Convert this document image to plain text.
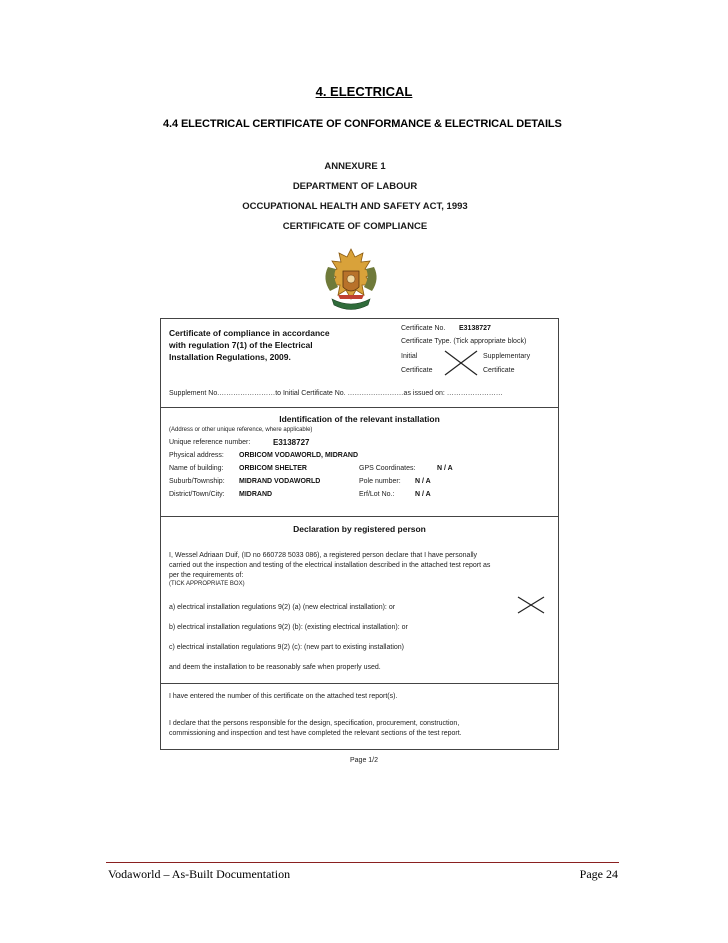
4. ELECTRICAL
4.4 ELECTRICAL CERTIFICATE OF CONFORMANCE & ELECTRICAL DETAILS
ANNEXURE 1
DEPARTMENT OF LABOUR
OCCUPATIONAL HEALTH AND SAFETY ACT, 1993
CERTIFICATE OF COMPLIANCE
Certificate of compliance in accordance
with regulation 7(1) of the Electrical
Installation Regulations, 2009.
Certificate No. E3138727
Certificate Type. (Tick appropriate block)
Initial
Certificate
Supplementary
Certificate
Supplement No.……………………to Initial Certificate No. ……………………as issued on: ……………………
Identification of the relevant installation
(Address or other unique reference, where applicable)
Unique reference number:	E3138727
Physical address: ORBICOM VODAWORLD, MIDRAND
Name of building: ORBICOM SHELTER	GPS Coordinates:	N / A
Suburb/Township: MIDRAND VODAWORLD	Pole number: N / A
District/Town/City: MIDRAND	Erf/Lot No.:	N / A
Declaration by registered person
I, Wessel Adriaan Duif, (ID no 660728 5033 086), a registered person declare that I have personally
carried out the inspection and testing of the electrical installation described in the attached test report as
per the requirements of:
(TICK APPROPRIATE BOX)
a) electrical installation regulations 9(2) (a) (new electrical installation): or
b) electrical installation regulations 9(2) (b): (existing electrical installation): or
c) electrical installation regulations 9(2) (c): (new part to existing installation)
and deem the installation to be reasonably safe when properly used.
I have entered the number of this certificate on the attached test report(s).
I declare that the persons responsible for the design, specification, procurement, construction,
commissioning and inspection and test have completed the relevant sections of the test report.
Page 1/2
Vodaworld – As-Built Documentation	Page 24
